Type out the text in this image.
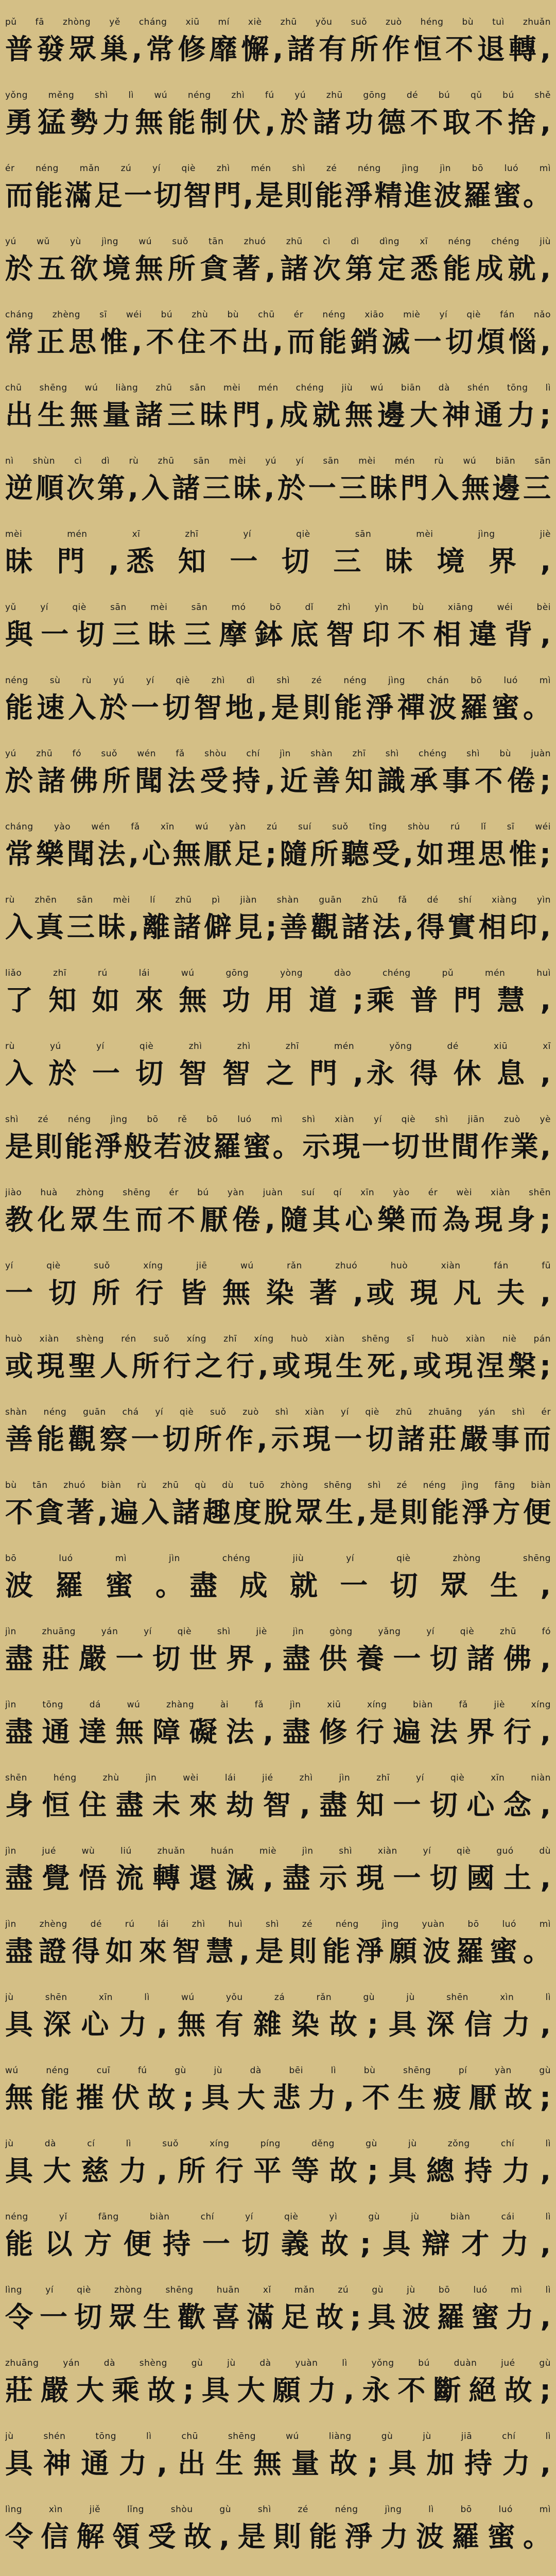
pǔ fā zhòng yě cháng xiū mí xiè zhū yǒu suǒ zuò héng bù tuì zhuǎn
普發眾巢,常修靡懈,諸有所作恒不退轉,
yǒng měng shì lì wú néng zhì fú yú zhū gōng dé bú qǔ bú shě
勇猛勢力無能制伏,於諸功德不取不捨,
ér néng mǎn zú yí qiè zhì mén shì zé néng jìng jìn bō luó mì
而能滿足一切智門,是則能淨精進波羅蜜。
yú wǔ yù jìng wú suǒ tān zhuó zhū cì dì dìng xī néng chéng jiù
於五欲境無所貪著,諸次第定悉能成就,
cháng zhèng sī wéi bú zhù bù chū ér néng xiāo miè yí qiè fán nǎo
常正思惟,不住不出,而能銷滅一切煩惱,
chū shēng wú liàng zhū sān mèi mén chéng jiù wú biān dà shén tōng lì
出生無量諸三昧門,成就無邊大神通力;
nì shùn cì dì rù zhū sān mèi yú yí sān mèi mén rù wú biān sān
逆順次第,入諸三昧,於一三昧門入無邊三
mèi mén xī zhī yí qiè sān mèi jìng jiè
昧 門 ,悉 知 一 切 三 昧 境 界 ,
yǔ yí qiè sān mèi sān mó bō dǐ zhì yìn bù xiāng wéi bèi
與一切三昧三摩鉢底智印不相違背,
néng sù rù yú yí qiè zhì dì shì zé néng jìng chán bō luó mì
能速入於一切智地,是則能淨禪波羅蜜。
yú zhū fó suǒ wén fǎ shòu chí jìn shàn zhī shì chéng shì bù juàn
於諸佛所聞法受持,近善知識承事不倦;
cháng yào wén fǎ xīn wú yàn zú suí suǒ tīng shòu rú lǐ sī wéi
常樂聞法,心無厭足;隨所聽受,如理思惟;
rù zhēn sān mèi lí zhū pì jiàn shàn guān zhū fǎ dé shí xiàng yìn
入真三昧,離諸僻見;善觀諸法,得實相印,
liǎo zhī rú lái wú gōng yòng dào chéng pǔ mén huì
了 知 如 來 無 功 用 道 ;乘 普 門 慧 ,
rù yú yí qiè zhì zhì zhī mén yǒng dé xiū xī
入 於 一 切 智 智 之 門 ,永 得 休 息 ,
shì zé néng jìng bō rě bō luó mì shì xiàn yí qiè shì jiān zuò yè
是則能淨般若波羅蜜。示現一切世間作業,
jiào huà zhòng shēng ér bú yàn juàn suí qí xīn yào ér wèi xiàn shēn
教化眾生而不厭倦,隨其心樂而為現身;
yí qiè suǒ xíng jiē wú rǎn zhuó huò xiàn fán fū
一 切 所 行 皆 無 染 著 ,或 現 凡 夫 ,
huò xiàn shèng rén suǒ xíng zhī xíng huò xiàn shēng sǐ huò xiàn niè pán
或現聖人所行之行,或現生死,或現涅槃;
shàn néng guān chá yí qiè suǒ zuò shì xiàn yí qiè zhū zhuāng yán shì ér
善能觀察一切所作,示現一切諸莊嚴事而
bù tān zhuó biàn rù zhū qù dù tuō zhòng shēng shì zé néng jìng fāng biàn
不貪著,遍入諸趣度脫眾生,是則能淨方便
bō luó mì jìn chéng jiù yí qiè zhòng shēng
波 羅 蜜 。盡 成 就 一 切 眾 生 ,
jìn zhuāng yán yí qiè shì jiè jìn gòng yǎng yí qiè zhū fó
盡莊嚴一切世界,盡供養一切諸佛,
jìn tōng dá wú zhàng ài fǎ jìn xiū xíng biàn fǎ jiè xíng
盡通達無障礙法,盡修行遍法界行,
shēn héng zhù jìn wèi lái jié zhì jìn zhī yí qiè xīn niàn
身恒住盡未來劫智,盡知一切心念,
jìn jué wù liú zhuǎn huán miè jìn shì xiàn yí qiè guó dù
盡覺悟流轉還滅,盡示現一切國土,
jìn zhèng dé rú lái zhì huì shì zé néng jìng yuàn bō luó mì
盡證得如來智慧,是則能淨願波羅蜜。
jù shēn xīn lì wú yǒu zá rǎn gù jù shēn xìn lì
具深心力,無有雜染故;具深信力,
wú néng cuī fú gù jù dà bēi lì bù shēng pí yàn gù
無能摧伏故;具大悲力,不生疲厭故;
jù dà cí lì suǒ xíng píng děng gù jù zǒng chí lì
具大慈力,所行平等故;具總持力,
néng yǐ fāng biàn chí yí qiè yì gù jù biàn cái lì
能以方便持一切義故;具辯才力,
lìng yí qiè zhòng shēng huān xǐ mǎn zú gù jù bō luó mì lì
令一切眾生歡喜滿足故;具波羅蜜力,
zhuāng yán dà shèng gù jù dà yuàn lì yǒng bú duàn jué gù
莊嚴大乘故;具大願力,永不斷絕故;
jù shén tōng lì chū shēng wú liàng gù jù jiā chí lì
具神通力,出生無量故;具加持力,
lìng xìn jiě lǐng shòu gù shì zé néng jìng lì bō luó mì
令信解領受故,是則能淨力波羅蜜。
